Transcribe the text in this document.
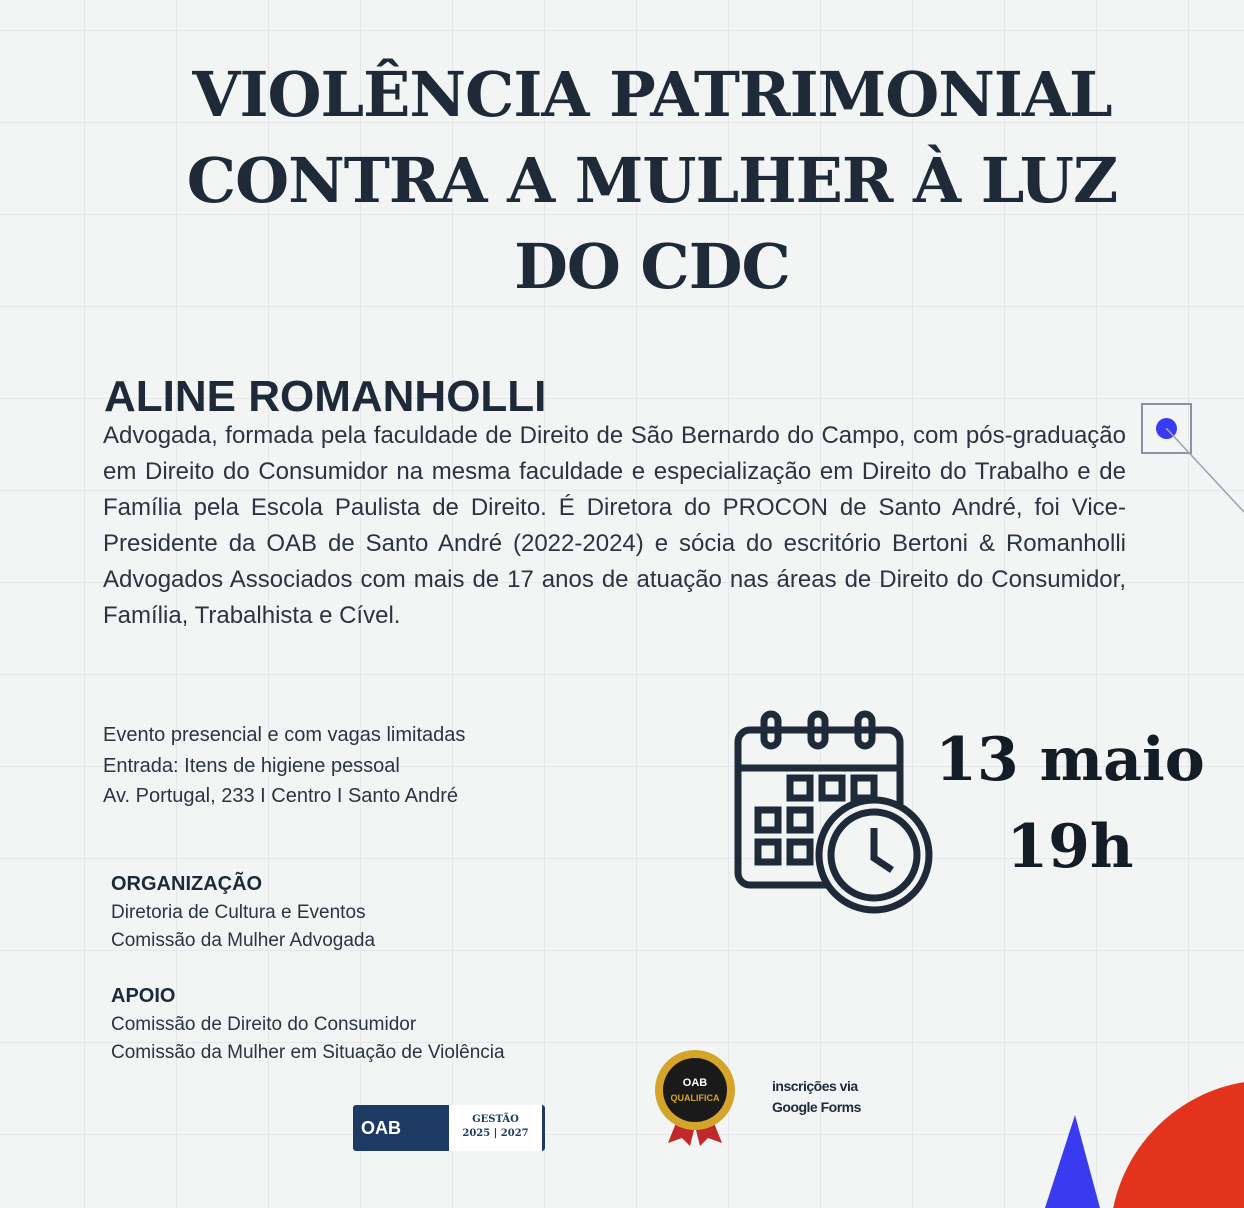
VIOLÊNCIA PATRIMONIAL
CONTRA A MULHER À LUZ
DO CDC
ALINE ROMANHOLLI
Advogada, formada pela faculdade de Direito de São Bernardo do Campo, com pós-graduação em Direito do Consumidor na mesma faculdade e especialização em Direito do Trabalho e de Família pela Escola Paulista de Direito. É Diretora do PROCON de Santo André, foi Vice-Presidente da OAB de Santo André (2022-2024) e sócia do escritório Bertoni & Romanholli Advogados Associados com mais de 17 anos de atuação nas áreas de Direito do Consumidor, Família, Trabalhista e Cível.
Evento presencial e com vagas limitadas
Entrada: Itens de higiene pessoal
Av. Portugal, 233 I Centro I Santo André
ORGANIZAÇÃO
Diretoria de Cultura e Eventos
Comissão da Mulher Advogada
APOIO
Comissão de Direito do Consumidor
Comissão da Mulher em Situação de Violência
13 maio
19h
OAB	GESTÃO
2025 | 2027
QUALIFICA
OAB	inscrições via
Google Forms
